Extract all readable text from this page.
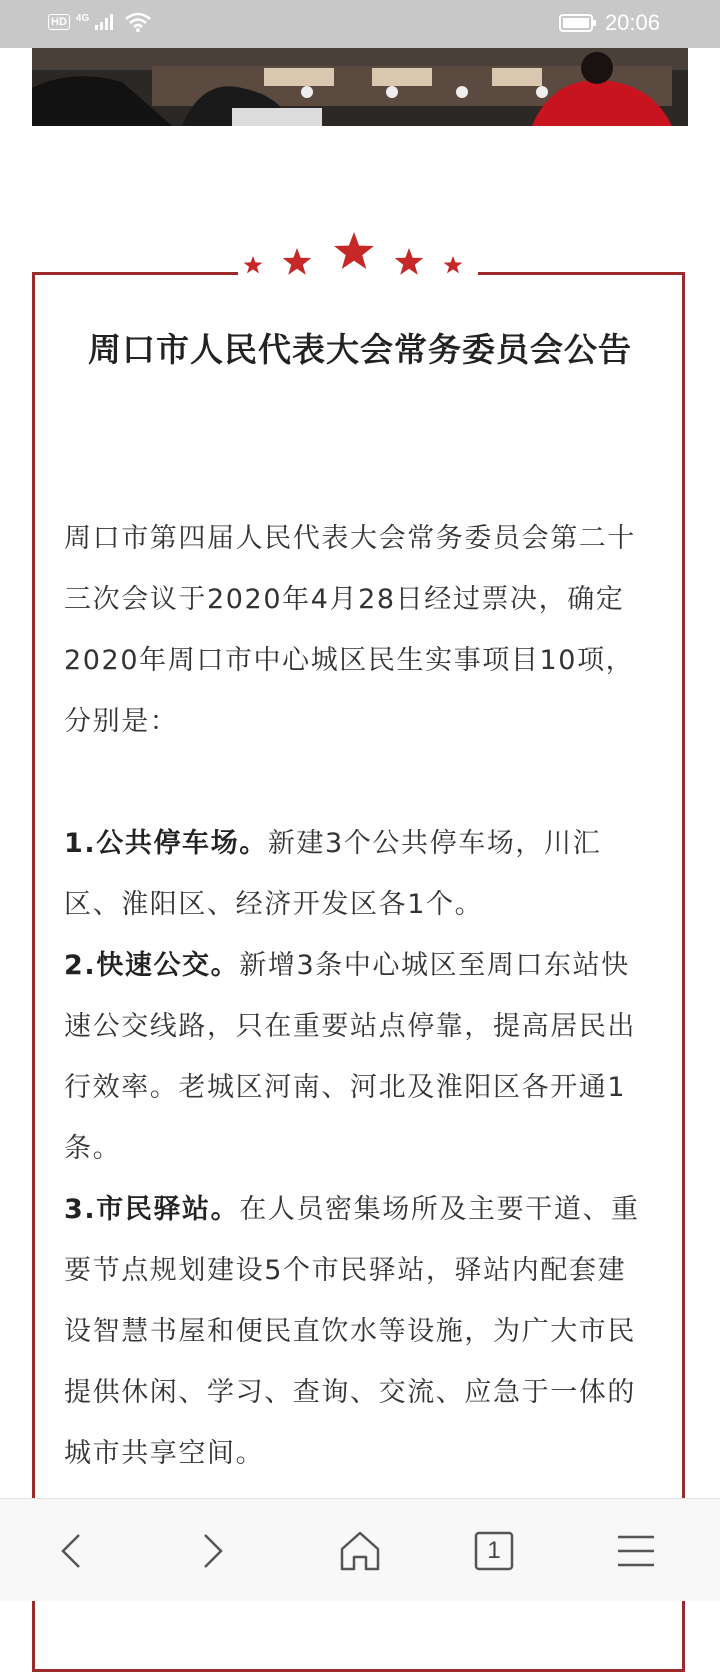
HD 4G	20:06
周口市人民代表大会常务委员会公告

周口市第四届人民代表大会常务委员会第二十三次会议于2020年4月28日经过票决，确定2020年周口市中心城区民生实事项目10项，分别是：

1.公共停车场。新建3个公共停车场，川汇区、淮阳区、经济开发区各1个。

2.快速公交。新增3条中心城区至周口东站快速公交线路，只在重要站点停靠，提高居民出行效率。老城区河南、河北及淮阳区各开通1条。

3.市民驿站。在人员密集场所及主要干道、重要节点规划建设5个市民驿站，驿站内配套建设智慧书屋和便民直饮水等设施，为广大市民提供休闲、学习、查询、交流、应急于一体的城市共享空间。

1
